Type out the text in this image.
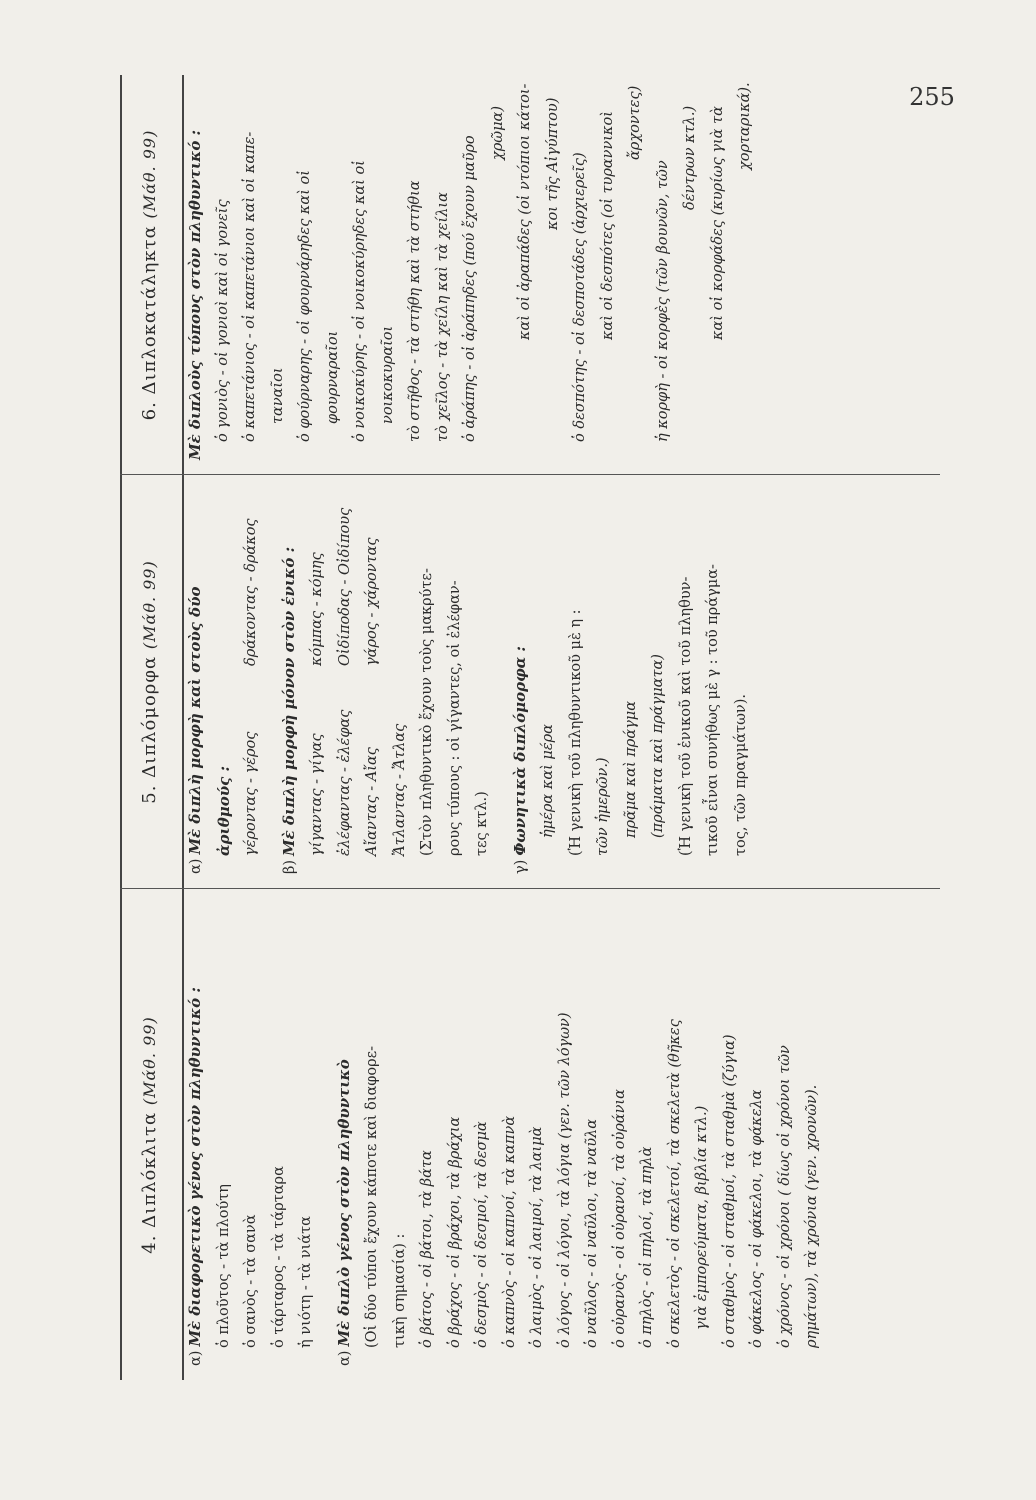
255
4. Διπλόκλιτα (Μάθ. 99)
α)Μὲ διαφορετικὸ γένος στὸν πληθυντικό : ὁ πλοῦτος - τὰ πλούτη ὁ σανὸς - τὰ σανὰ ὁ τάρταρος - τὰ τάρταρα ἡ νιότη - τὰ νιάτα
α)Μὲ διπλὸ γένος στὸν πληθυντικὸ (Οἱ δύο τύποι ἔχουν κάποτε καὶ διαφορε- τικὴ σημασία) : ὁ βάτος - οἱ βάτοι, τὰ βάτα ὁ βράχος - οἱ βράχοι, τὰ βράχια ὁ δεσμὸς - οἱ δεσμοί, τὰ δεσμὰ ὁ καπνὸς - οἱ καπνοί, τὰ καπνὰ ὁ λαιμὸς - οἱ λαιμοί, τὰ λαιμὰ ὁ λόγος - οἱ λόγοι, τὰ λόγια (γεν. τῶν λόγων) ὁ ναῦλος - οἱ ναῦλοι, τὰ ναῦλα ὁ οὐρανὸς - οἱ οὐρανοί, τὰ οὐράνια ὁ πηλὸς - οἱ πηλοί, τὰ πηλὰ ὁ σκελετὸς - οἱ σκελετοί, τὰ σκελετὰ (θῆκες γιὰ ἐμπορεύματα, βιβλία κτλ.) ὁ σταθμὸς - οἱ σταθμοί, τὰ σταθμὰ (ζύγια) ὁ φάκελος - οἱ φάκελοι, τὰ φάκελα ὁ χρόνος - οἱ χρόνοι ( δίως οἱ χρόνοι τῶν ρημάτων), τὰ χρόνια (γεν. χρονῶν).
5. Διπλόμορφα (Μάθ. 99)
α)Μὲ διπλὴ μορφὴ καὶ στοὺς δύο ἀριθμούς : γέροντας - γέροςδράκοντας - δράκος
β)Μὲ διπλὴ μορφὴ μόνον στὸν ἑνικό : γίγαντας - γίγαςκόμπας - κόμης
ἐλέφαντας - ἐλέφαςΟἰδίποδας - Οἰδίπους
Αἴαντας - Αἴαςγάρος - χάροντας
Ἄτλαντας - Ἄτλας (Στὸν πληθυντικὸ ἔχουν τοὺς μακρύτε- ρους τύπους : οἱ γίγαντες, οἱ ἐλέφαν- τες κτλ.)
γ)Φωνητικὰ διπλόμορφα : ἡμέρα καὶ μέρα (Ἡ γενικὴ τοῦ πληθυντικοῦ μὲ η : τῶν ἡμερῶν.) πρᾶμα καὶ πράγμα (πράματα καὶ πράγματα) (Ἡ γενικὴ τοῦ ἑνικοῦ καὶ τοῦ πληθυν- τικοῦ εἶναι συνήθως μὲ γ : τοῦ πράγμα- τος, τῶν πραγμάτων).
6. Διπλοκατάληκτα (Μάθ. 99)	Μὲ διπλοὺς τύπους στὸν πληθυντικό : ὁ γονιὸς - οἱ γονιοὶ καὶ οἱ γονεῖς ὁ καπετάνιος - οἱ καπετάνιοι καὶ οἱ καπε- ταναῖοι ὁ φούρναρης - οἱ φουρνάρηδες καὶ οἱ φουρναραῖοι ὁ νοικοκύρης - οἱ νοικοκύρηδες καὶ οἱ νοικοκυραῖοι τὸ στῆθος - τὰ στήθη καὶ τὰ στήθια τὸ χεῖλος - τὰ χείλη καὶ τὰ χείλια ὁ ἀράπης - οἱ ἀράπηδες (πού ἔχουν μαῦρο
χρῶμα) καὶ οἱ ἀραπάδες (οἱ ντόπιοι κάτοι- κοι τῆς Αἰγύπτου) ὁ δεσπότης - οἱ δεσποτάδες (ἀρχιερεῖς) καὶ οἱ δεσπότες (οἱ τυραννικοὶ ἄρχοντες)
ἡ κορφὴ - οἱ κορφὲς (τῶν βουνῶν, τῶν
δέντρων κτλ.) καὶ οἱ κορφάδες (κυρίως γιὰ τὰ χορταρικά).
